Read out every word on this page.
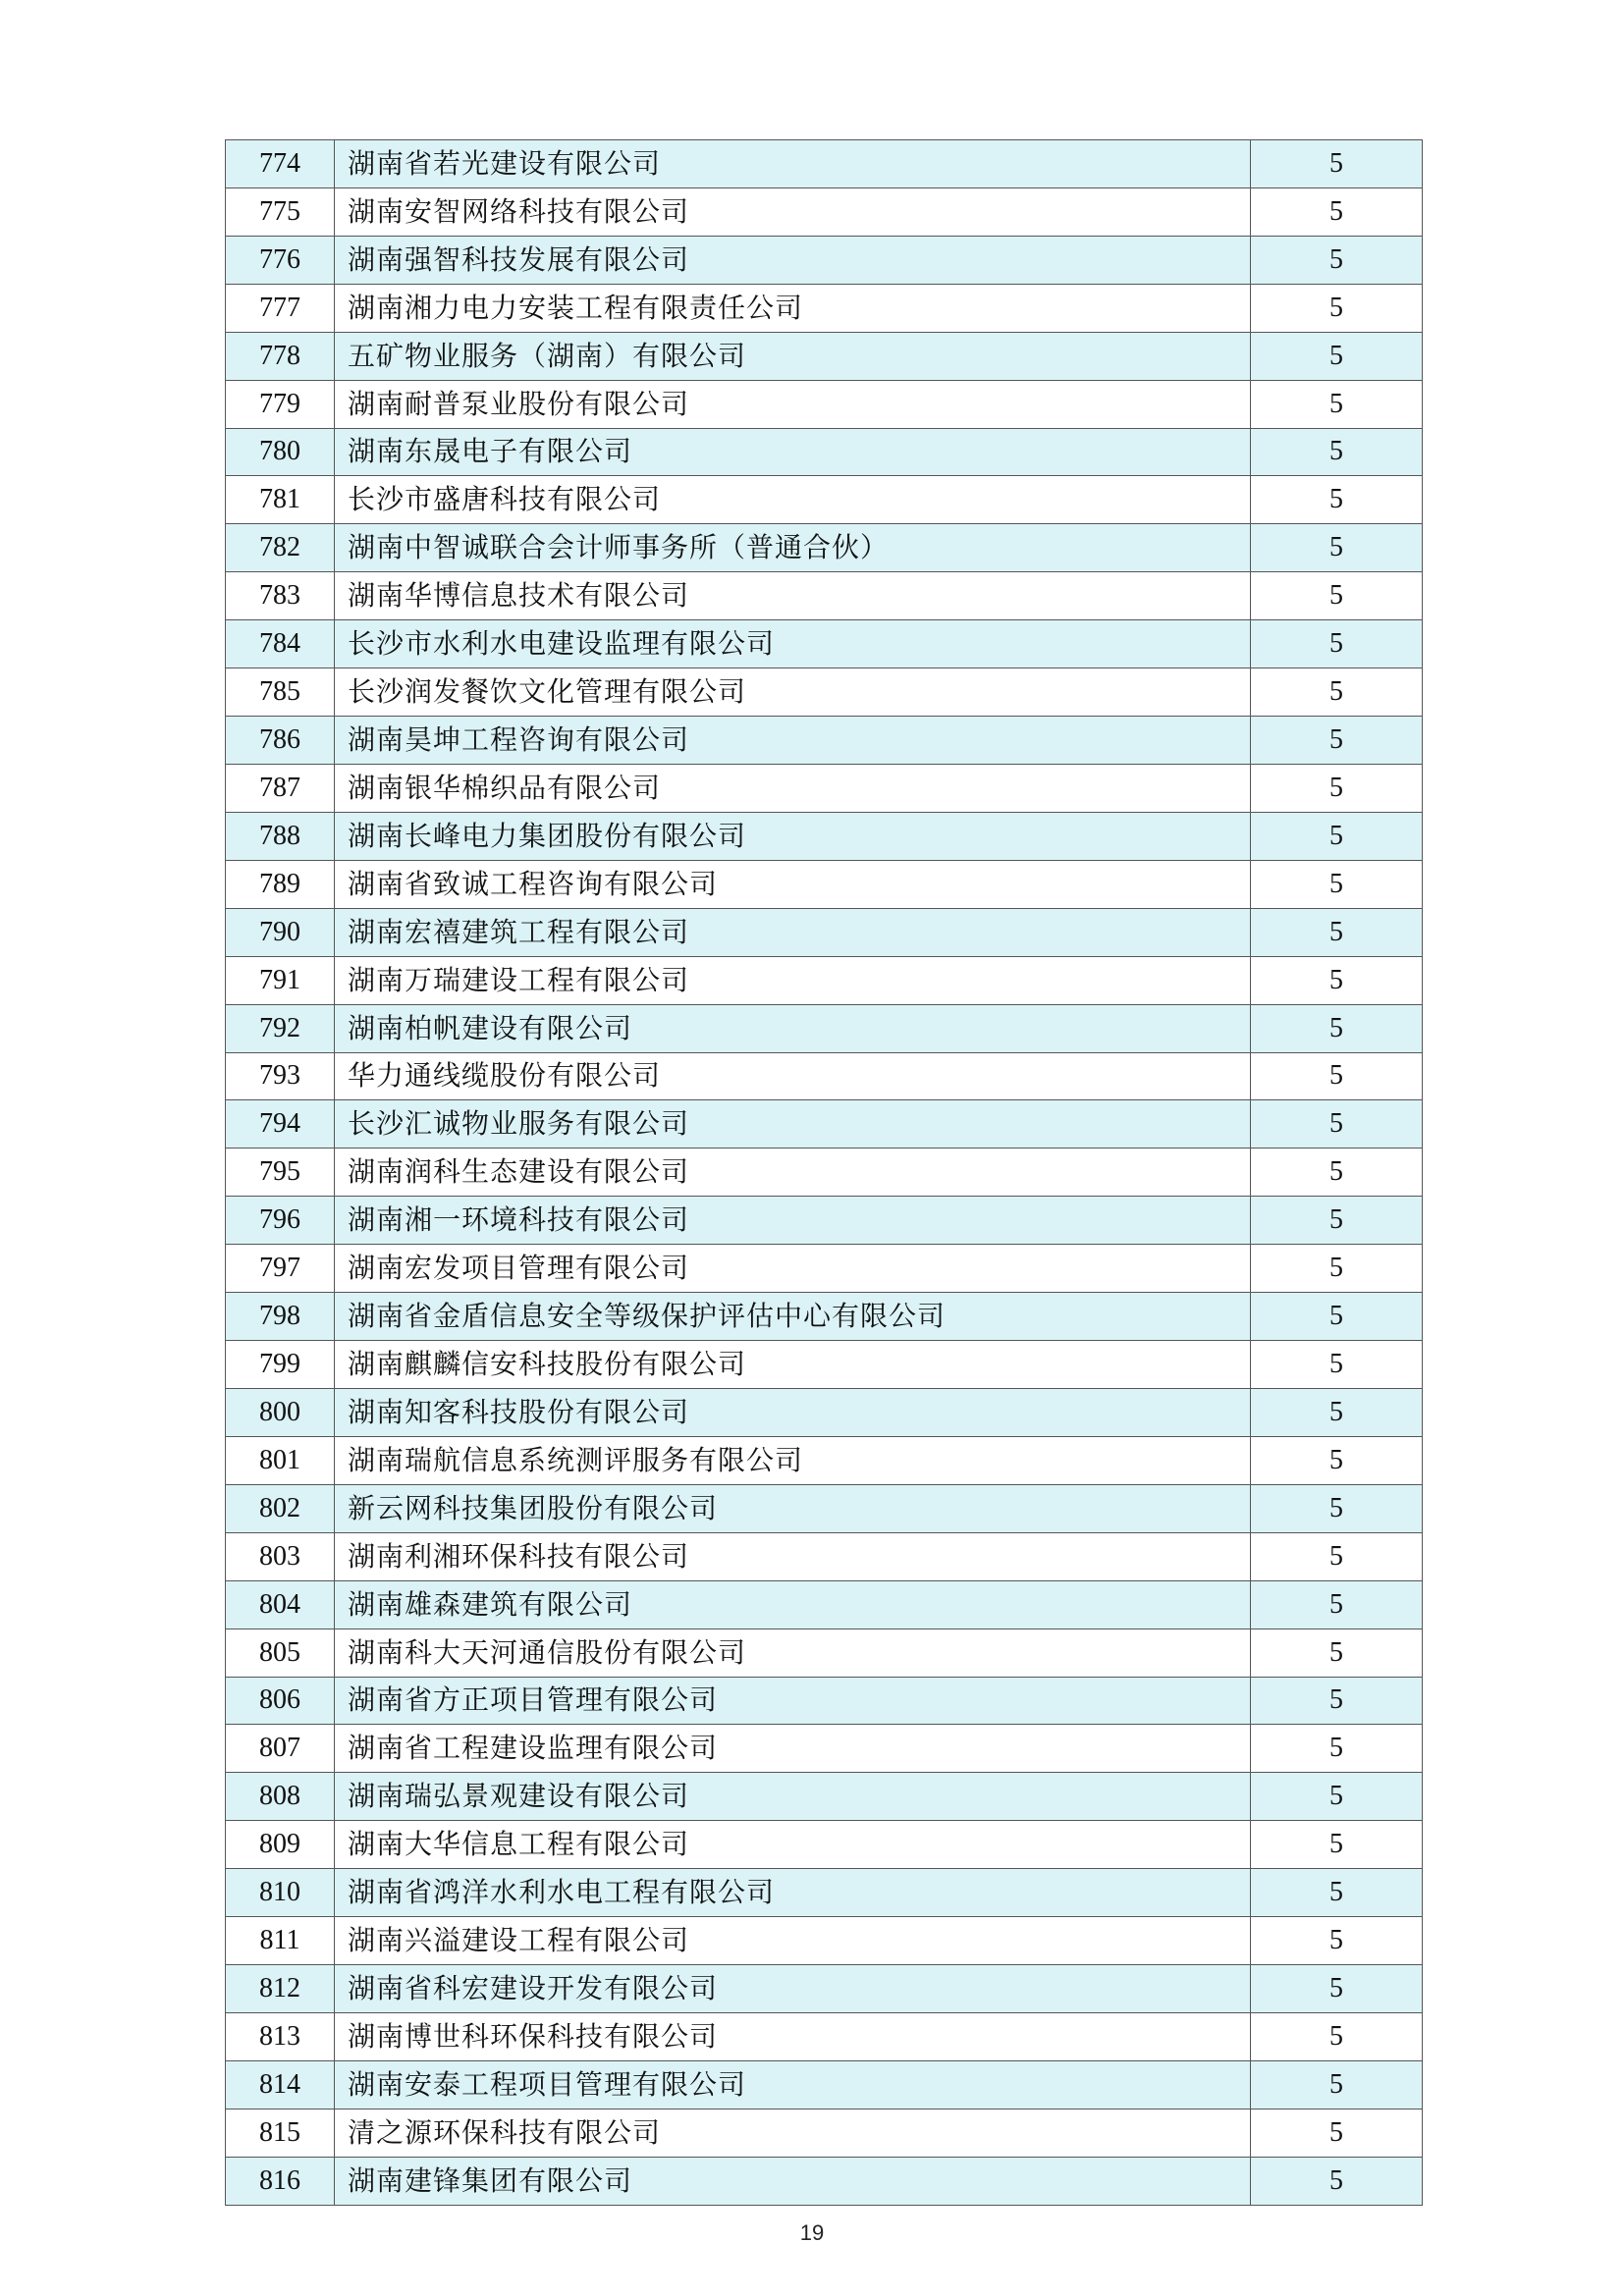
774	湖南省若光建设有限公司	5
775	湖南安智网络科技有限公司	5
776	湖南强智科技发展有限公司	5
777	湖南湘力电力安装工程有限责任公司	5
778	五矿物业服务（湖南）有限公司	5
779	湖南耐普泵业股份有限公司	5
780	湖南东晟电子有限公司	5
781	长沙市盛唐科技有限公司	5
782	湖南中智诚联合会计师事务所（普通合伙）	5
783	湖南华博信息技术有限公司	5
784	长沙市水利水电建设监理有限公司	5
785	长沙润发餐饮文化管理有限公司	5
786	湖南昊坤工程咨询有限公司	5
787	湖南银华棉织品有限公司	5
788	湖南长峰电力集团股份有限公司	5
789	湖南省致诚工程咨询有限公司	5
790	湖南宏禧建筑工程有限公司	5
791	湖南万瑞建设工程有限公司	5
792	湖南柏帆建设有限公司	5
793	华力通线缆股份有限公司	5
794	长沙汇诚物业服务有限公司	5
795	湖南润科生态建设有限公司	5
796	湖南湘一环境科技有限公司	5
797	湖南宏发项目管理有限公司	5
798	湖南省金盾信息安全等级保护评估中心有限公司	5
799	湖南麒麟信安科技股份有限公司	5
800	湖南知客科技股份有限公司	5
801	湖南瑞航信息系统测评服务有限公司	5
802	新云网科技集团股份有限公司	5
803	湖南利湘环保科技有限公司	5
804	湖南雄森建筑有限公司	5
805	湖南科大天河通信股份有限公司	5
806	湖南省方正项目管理有限公司	5
807	湖南省工程建设监理有限公司	5
808	湖南瑞弘景观建设有限公司	5
809	湖南大华信息工程有限公司	5
810	湖南省鸿洋水利水电工程有限公司	5
811	湖南兴溢建设工程有限公司	5
812	湖南省科宏建设开发有限公司	5
813	湖南博世科环保科技有限公司	5
814	湖南安泰工程项目管理有限公司	5
815	清之源环保科技有限公司	5
816	湖南建锋集团有限公司	5
19
